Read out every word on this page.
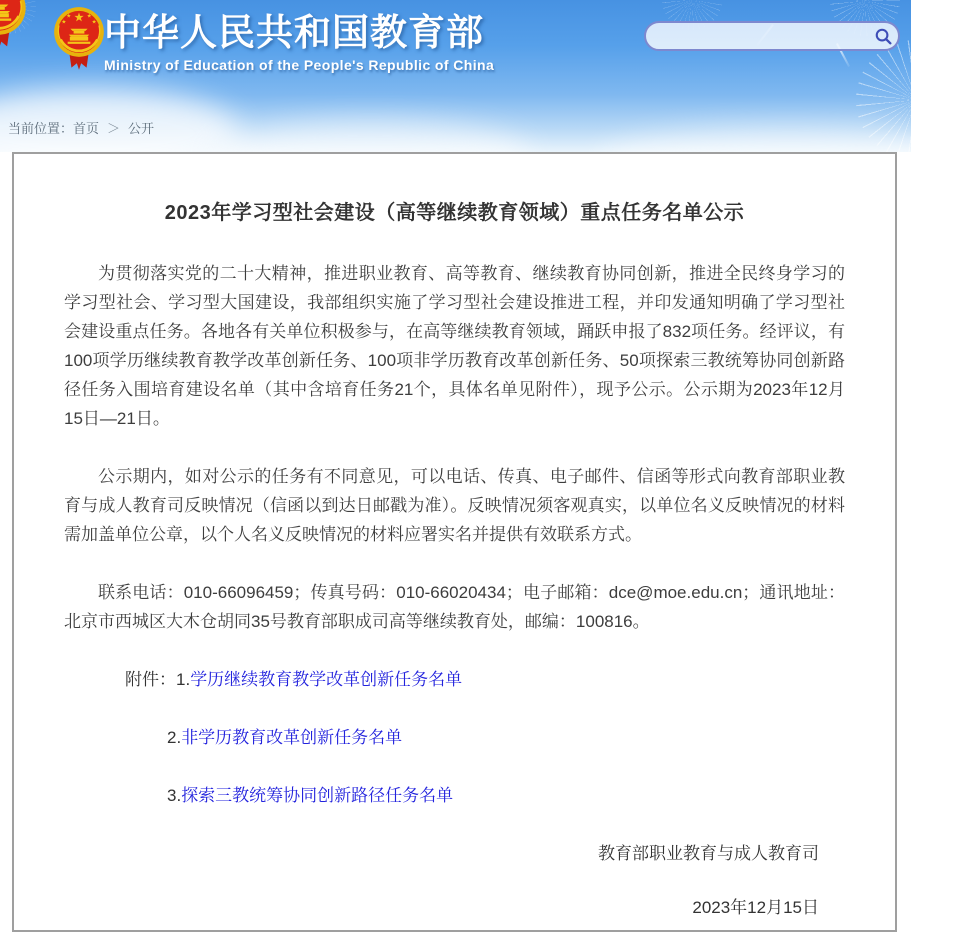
中华人民共和国教育部
Ministry of Education of the People's Republic of China
当前位置：首页 ＞ 公开
2023年学习型社会建设（高等继续教育领域）重点任务名单公示

为贯彻落实党的二十大精神，推进职业教育、高等教育、继续教育协同创新，推进全民终身学习的学习型社会、学习型大国建设，我部组织实施了学习型社会建设推进工程，并印发通知明确了学习型社会建设重点任务。各地各有关单位积极参与，在高等继续教育领域，踊跃申报了832项任务。经评议，有100项学历继续教育教学改革创新任务、100项非学历教育改革创新任务、50项探索三教统筹协同创新路径任务入围培育建设名单（其中含培育任务21个，具体名单见附件），现予公示。公示期为2023年12月15日—21日。

公示期内，如对公示的任务有不同意见，可以电话、传真、电子邮件、信函等形式向教育部职业教育与成人教育司反映情况（信函以到达日邮戳为准）。反映情况须客观真实，以单位名义反映情况的材料需加盖单位公章，以个人名义反映情况的材料应署实名并提供有效联系方式。

联系电话：010-66096459；传真号码：010-66020434；电子邮箱：dce@moe.edu.cn；通讯地址：北京市西城区大木仓胡同35号教育部职成司高等继续教育处，邮编：100816。

附件：1.学历继续教育教学改革创新任务名单
2.非学历教育改革创新任务名单
3.探索三教统筹协同创新路径任务名单
教育部职业教育与成人教育司
2023年12月15日
